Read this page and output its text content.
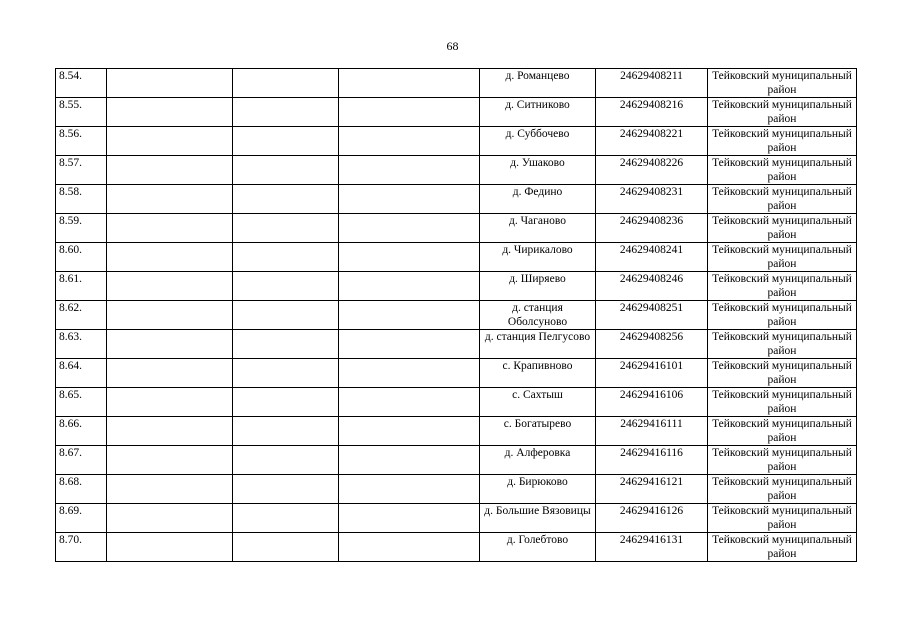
68
8.54.				д. Романцево	24629408211	Тейковский муниципальный район
8.55.				д. Ситниково	24629408216	Тейковский муниципальный район
8.56.				д. Суббочево	24629408221	Тейковский муниципальный район
8.57.				д. Ушаково	24629408226	Тейковский муниципальный район
8.58.				д. Федино	24629408231	Тейковский муниципальный район
8.59.				д. Чаганово	24629408236	Тейковский муниципальный район
8.60.				д. Чирикалово	24629408241	Тейковский муниципальный район
8.61.				д. Ширяево	24629408246	Тейковский муниципальный район
8.62.				д. станция Оболсуново	24629408251	Тейковский муниципальный район
8.63.				д. станция Пелгусово	24629408256	Тейковский муниципальный район
8.64.				с. Крапивново	24629416101	Тейковский муниципальный район
8.65.				с. Сахтыш	24629416106	Тейковский муниципальный район
8.66.				с. Богатырево	24629416111	Тейковский муниципальный район
8.67.				д. Алферовка	24629416116	Тейковский муниципальный район
8.68.				д. Бирюково	24629416121	Тейковский муниципальный район
8.69.				д. Большие Вязовицы	24629416126	Тейковский муниципальный район
8.70.				д. Голебтово	24629416131	Тейковский муниципальный район
